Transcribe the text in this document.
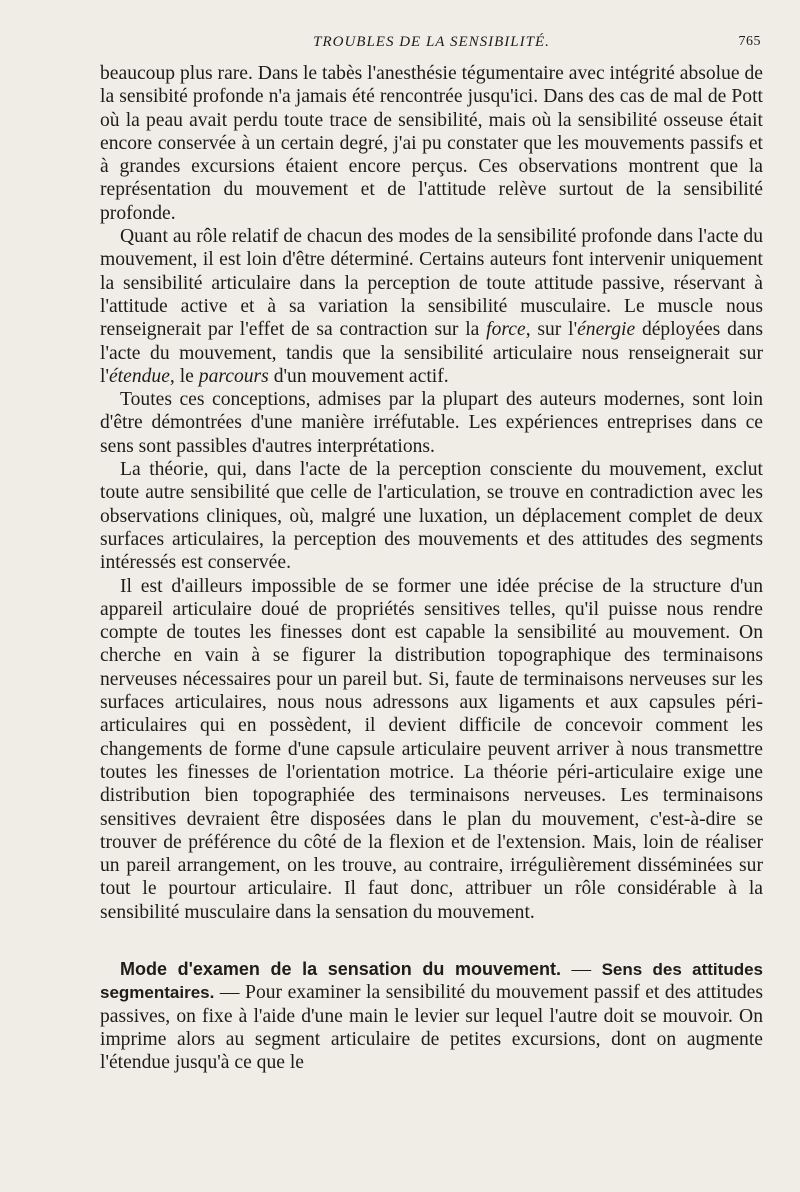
TROUBLES DE LA SENSIBILITÉ.	765

beaucoup plus rare. Dans le tabès l'anesthésie tégumentaire avec intégrité absolue de la sensibité profonde n'a jamais été rencontrée jusqu'ici. Dans des cas de mal de Pott où la peau avait perdu toute trace de sensibilité, mais où la sensibilité osseuse était encore conservée à un certain degré, j'ai pu constater que les mouvements passifs et à grandes excursions étaient encore perçus. Ces observations montrent que la représentation du mouvement et de l'attitude relève surtout de la sensibilité profonde.

Quant au rôle relatif de chacun des modes de la sensibilité profonde dans l'acte du mouvement, il est loin d'être déterminé. Certains auteurs font intervenir uniquement la sensibilité articulaire dans la perception de toute attitude passive, réservant à l'attitude active et à sa variation la sensibilité musculaire. Le muscle nous renseignerait par l'effet de sa contraction sur la force, sur l'énergie déployées dans l'acte du mouvement, tandis que la sensibilité articulaire nous renseignerait sur l'étendue, le parcours d'un mouvement actif.

Toutes ces conceptions, admises par la plupart des auteurs modernes, sont loin d'être démontrées d'une manière irréfutable. Les expériences entreprises dans ce sens sont passibles d'autres interprétations.

La théorie, qui, dans l'acte de la perception consciente du mouvement, exclut toute autre sensibilité que celle de l'articulation, se trouve en contradiction avec les observations cliniques, où, malgré une luxation, un déplacement complet de deux surfaces articulaires, la perception des mouvements et des attitudes des segments intéressés est conservée.

Il est d'ailleurs impossible de se former une idée précise de la structure d'un appareil articulaire doué de propriétés sensitives telles, qu'il puisse nous rendre compte de toutes les finesses dont est capable la sensibilité au mouvement. On cherche en vain à se figurer la distribution topographique des terminaisons nerveuses nécessaires pour un pareil but. Si, faute de terminaisons nerveuses sur les surfaces articulaires, nous nous adressons aux ligaments et aux capsules péri-articulaires qui en possèdent, il devient difficile de concevoir comment les changements de forme d'une capsule articulaire peuvent arriver à nous transmettre toutes les finesses de l'orientation motrice. La théorie péri-articulaire exige une distribution bien topographiée des terminaisons nerveuses. Les terminaisons sensitives devraient être disposées dans le plan du mouvement, c'est-à-dire se trouver de préférence du côté de la flexion et de l'extension. Mais, loin de réaliser un pareil arrangement, on les trouve, au contraire, irrégulièrement disséminées sur tout le pourtour articulaire. Il faut donc, attribuer un rôle considérable à la sensibilité musculaire dans la sensation du mouvement.

Mode d'examen de la sensation du mouvement. — Sens des attitudes segmentaires. — Pour examiner la sensibilité du mouvement passif et des attitudes passives, on fixe à l'aide d'une main le levier sur lequel l'autre doit se mouvoir. On imprime alors au segment articulaire de petites excursions, dont on augmente l'étendue jusqu'à ce que le
